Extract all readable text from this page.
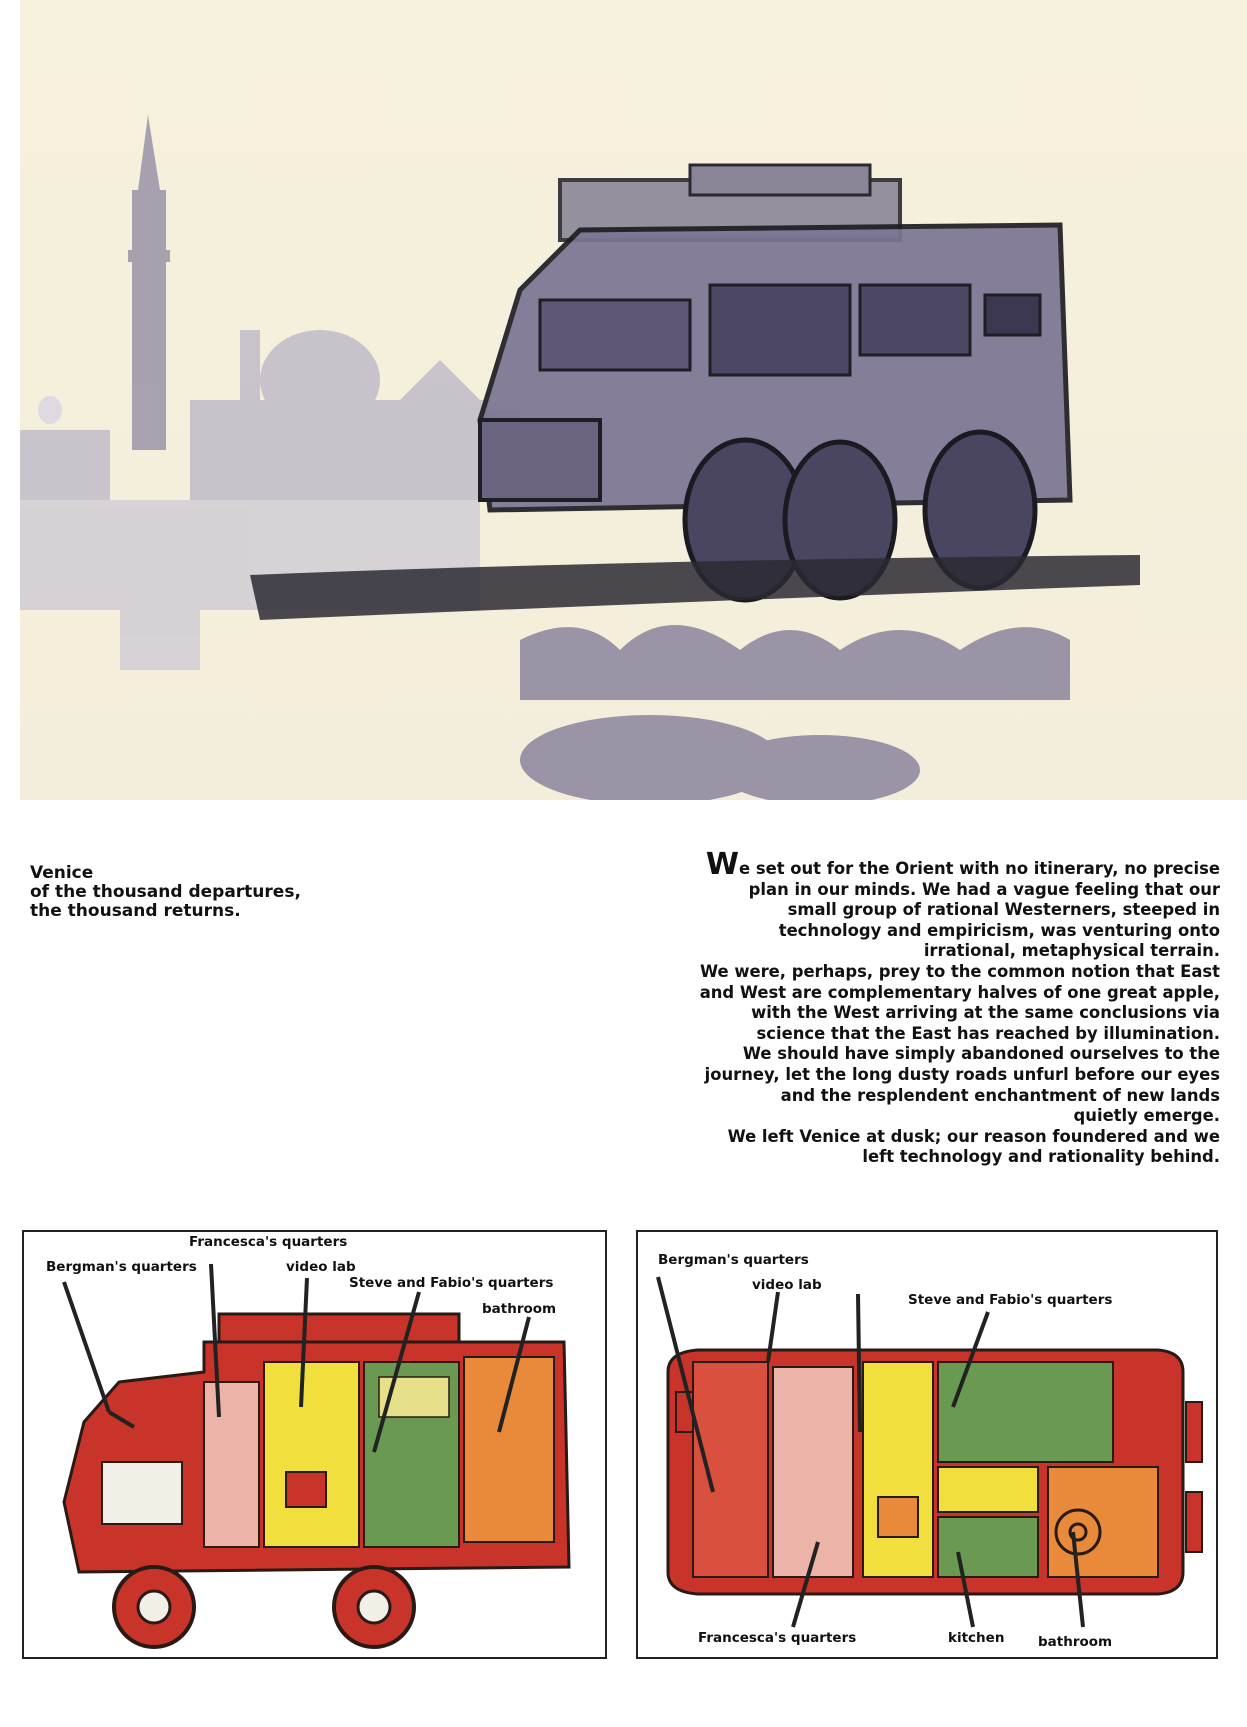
Venice
of the thousand departures,
the thousand returns.
We set out for the Orient with no itinerary, no precise
plan in our minds. We had a vague feeling that our
small group of rational Westerners, steeped in
technology and empiricism, was venturing onto
irrational, metaphysical terrain.
We were, perhaps, prey to the common notion that East
and West are complementary halves of one great apple,
with the West arriving at the same conclusions via
science that the East has reached by illumination.
We should have simply abandoned ourselves to the
journey, let the long dusty roads unfurl before our eyes
and the resplendent enchantment of new lands
quietly emerge.
We left Venice at dusk; our reason foundered and we
left technology and rationality behind.
Francesca's quarters
Bergman's quarters	video lab
Steve and Fabio's quarters
bathroom
Bergman's quarters
video lab
Steve and Fabio's quarters
Francesca's quarters	kitchen bathroom
